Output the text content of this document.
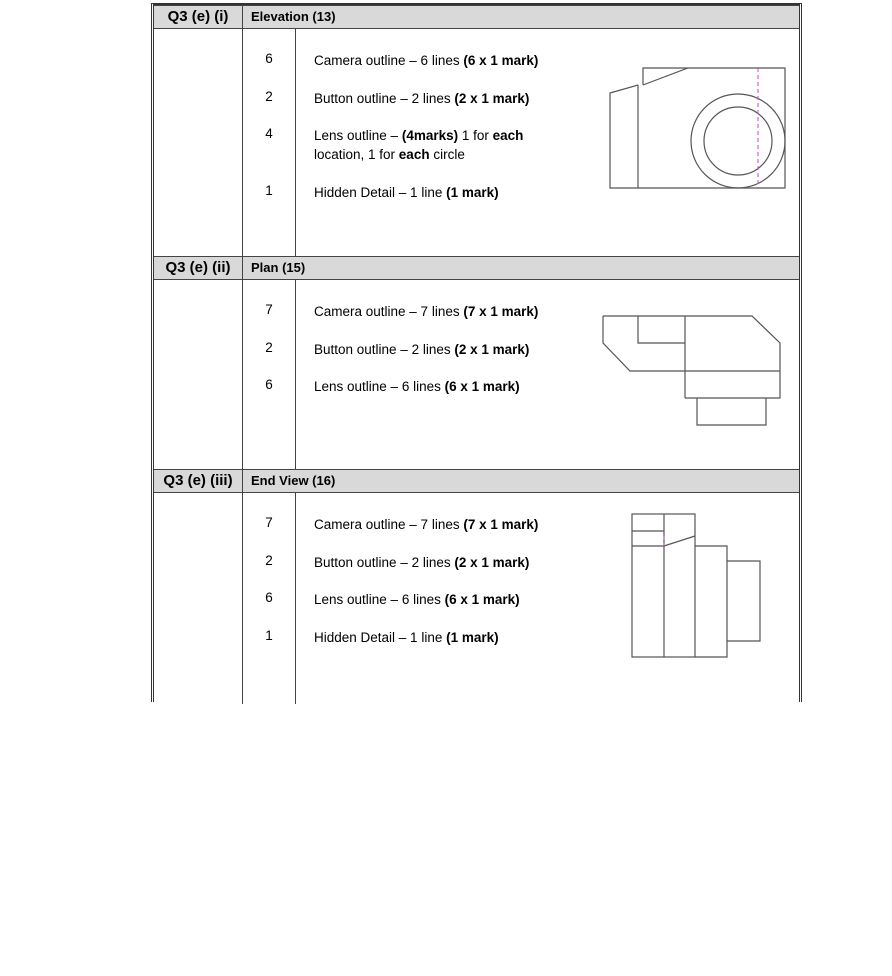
Q3 (e) (i)	Elevation (13)
6	Camera outline – 6 lines (6 x 1 mark)
2	Button outline – 2 lines (2 x 1 mark)
4	Lens outline – (4marks) 1 for each location, 1 for each circle
1	Hidden Detail – 1 line (1 mark)
Q3 (e) (ii)	Plan (15)
7	Camera outline – 7 lines (7 x 1 mark)
2	Button outline – 2 lines (2 x 1 mark)
6	Lens outline – 6 lines (6 x 1 mark)
Q3 (e) (iii)	End View (16)
7	Camera outline – 7 lines (7 x 1 mark)
2	Button outline – 2 lines (2 x 1 mark)
6	Lens outline – 6 lines (6 x 1 mark)
1	Hidden Detail – 1 line (1 mark)
